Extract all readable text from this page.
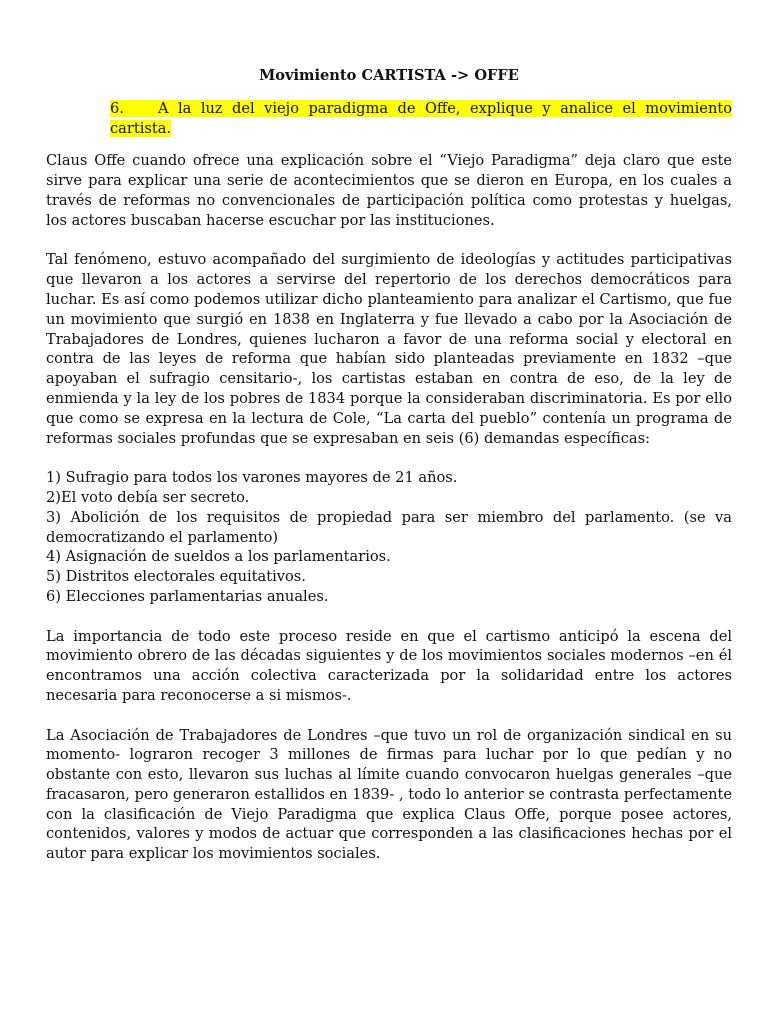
Movimiento CARTISTA -> OFFE
6. A la luz del viejo paradigma de Offe, explique y analice el movimiento cartista.

Claus Offe cuando ofrece una explicación sobre el “Viejo Paradigma” deja claro que este sirve para explicar una serie de acontecimientos que se dieron en Europa, en los cuales a través de reformas no convencionales de participación política como protestas y huelgas, los actores buscaban hacerse escuchar por las instituciones.

Tal fenómeno, estuvo acompañado del surgimiento de ideologías y actitudes participativas que llevaron a los actores a servirse del repertorio de los derechos democráticos para luchar. Es así como podemos utilizar dicho planteamiento para analizar el Cartismo, que fue un movimiento que surgió en 1838 en Inglaterra y fue llevado a cabo por la Asociación de Trabajadores de Londres, quienes lucharon a favor de una reforma social y electoral en contra de las leyes de reforma que habían sido planteadas previamente en 1832 –que apoyaban el sufragio censitario-, los cartistas estaban en contra de eso, de la ley de enmienda y la ley de los pobres de 1834 porque la consideraban discriminatoria. Es por ello que como se expresa en la lectura de Cole, “La carta del pueblo” contenía un programa de reformas sociales profundas que se expresaban en seis (6) demandas específicas:

1) Sufragio para todos los varones mayores de 21 años.
2)El voto debía ser secreto.
3) Abolición de los requisitos de propiedad para ser miembro del parlamento. (se va democratizando el parlamento)
4) Asignación de sueldos a los parlamentarios.
5) Distritos electorales equitativos.
6) Elecciones parlamentarias anuales.

La importancia de todo este proceso reside en que el cartismo anticipó la escena del movimiento obrero de las décadas siguientes y de los movimientos sociales modernos –en él encontramos una acción colectiva caracterizada por la solidaridad entre los actores necesaria para reconocerse a si mismos-.

La Asociación de Trabajadores de Londres –que tuvo un rol de organización sindical en su momento- lograron recoger 3 millones de firmas para luchar por lo que pedían y no obstante con esto, llevaron sus luchas al límite cuando convocaron huelgas generales –que fracasaron, pero generaron estallidos en 1839- , todo lo anterior se contrasta perfectamente con la clasificación de Viejo Paradigma que explica Claus Offe, porque posee actores, contenidos, valores y modos de actuar que corresponden a las clasificaciones hechas por el autor para explicar los movimientos sociales.
